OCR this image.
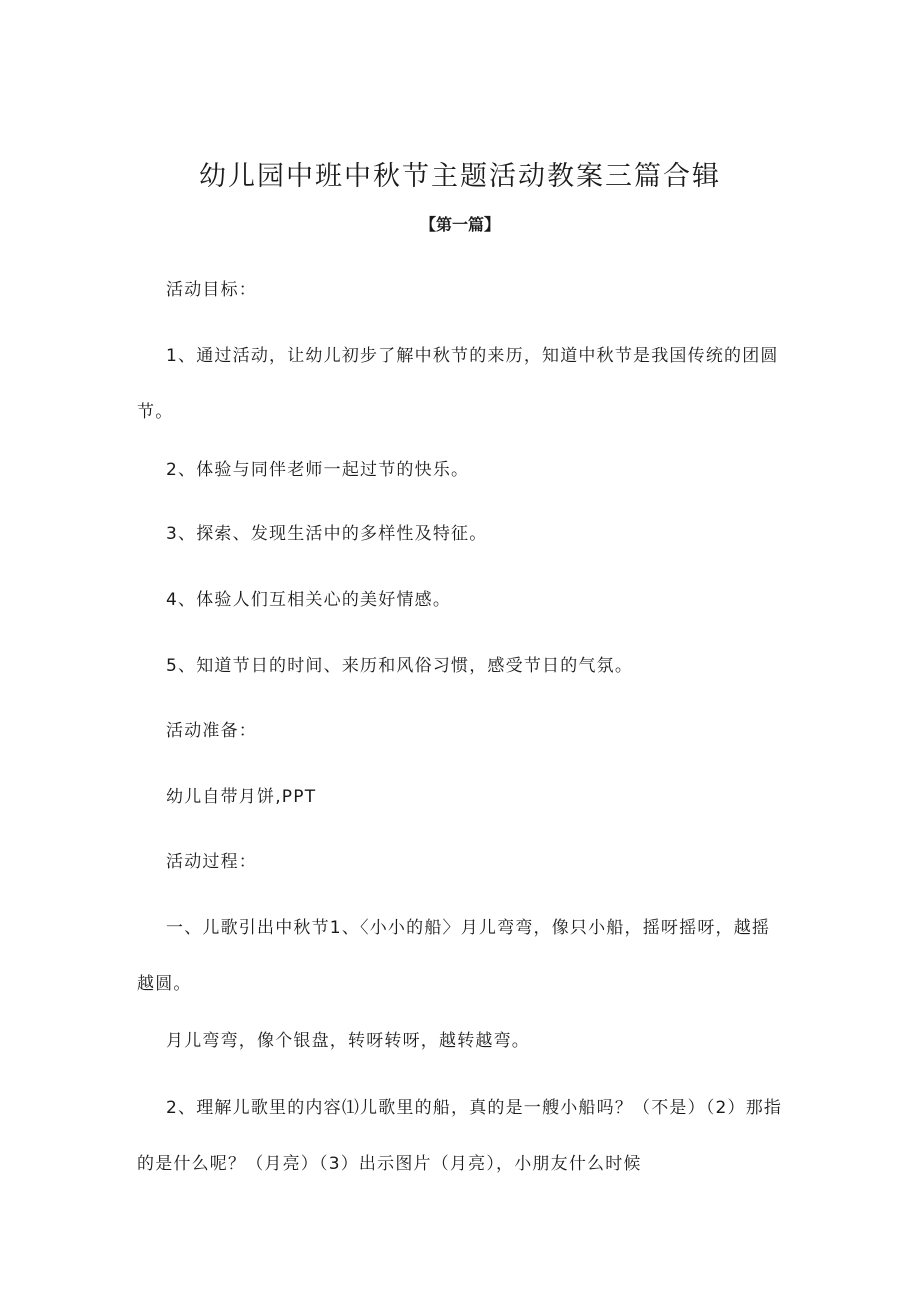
幼儿园中班中秋节主题活动教案三篇合辑
【第一篇】

活动目标：

1、通过活动，让幼儿初步了解中秋节的来历，知道中秋节是我国传统的团圆节。

2、体验与同伴老师一起过节的快乐。

3、探索、发现生活中的多样性及特征。

4、体验人们互相关心的美好情感。

5、知道节日的时间、来历和风俗习惯，感受节日的气氛。

活动准备：

幼儿自带月饼,PPT

活动过程：

一、儿歌引出中秋节1、〈小小的船〉月儿弯弯，像只小船，摇呀摇呀，越摇越圆。

月儿弯弯，像个银盘，转呀转呀，越转越弯。

2、理解儿歌里的内容⑴儿歌里的船，真的是一艘小船吗？（不是）（2）那指的是什么呢？（月亮）（3）出示图片（月亮），小朋友什么时候
